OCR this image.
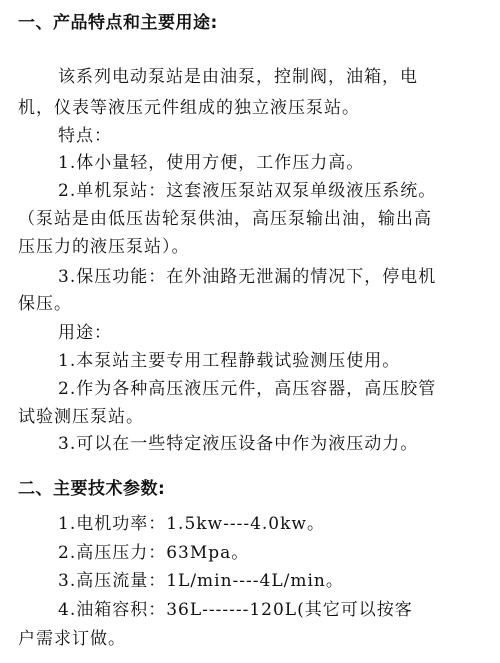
一、产品特点和主要用途:
该系列电动泵站是由油泵，控制阀，油箱，电
机，仪表等液压元件组成的独立液压泵站。
特点：
1.体小量轻，使用方便，工作压力高。
2.单机泵站：这套液压泵站双泵单级液压系统。
（泵站是由低压齿轮泵供油，高压泵输出油，输出高
压压力的液压泵站）。
3.保压功能：在外油路无泄漏的情况下，停电机
保压。
用途：
1.本泵站主要专用工程静载试验测压使用。
2.作为各种高压液压元件，高压容器，高压胶管
试验测压泵站。
3.可以在一些特定液压设备中作为液压动力。
二、主要技术参数:
1.电机功率：1.5kw----4.0kw。
2.高压压力：63Mpa。
3.高压流量：1L/min----4L/min。
4.油箱容积：36L-------120L(其它可以按客
户需求订做。
